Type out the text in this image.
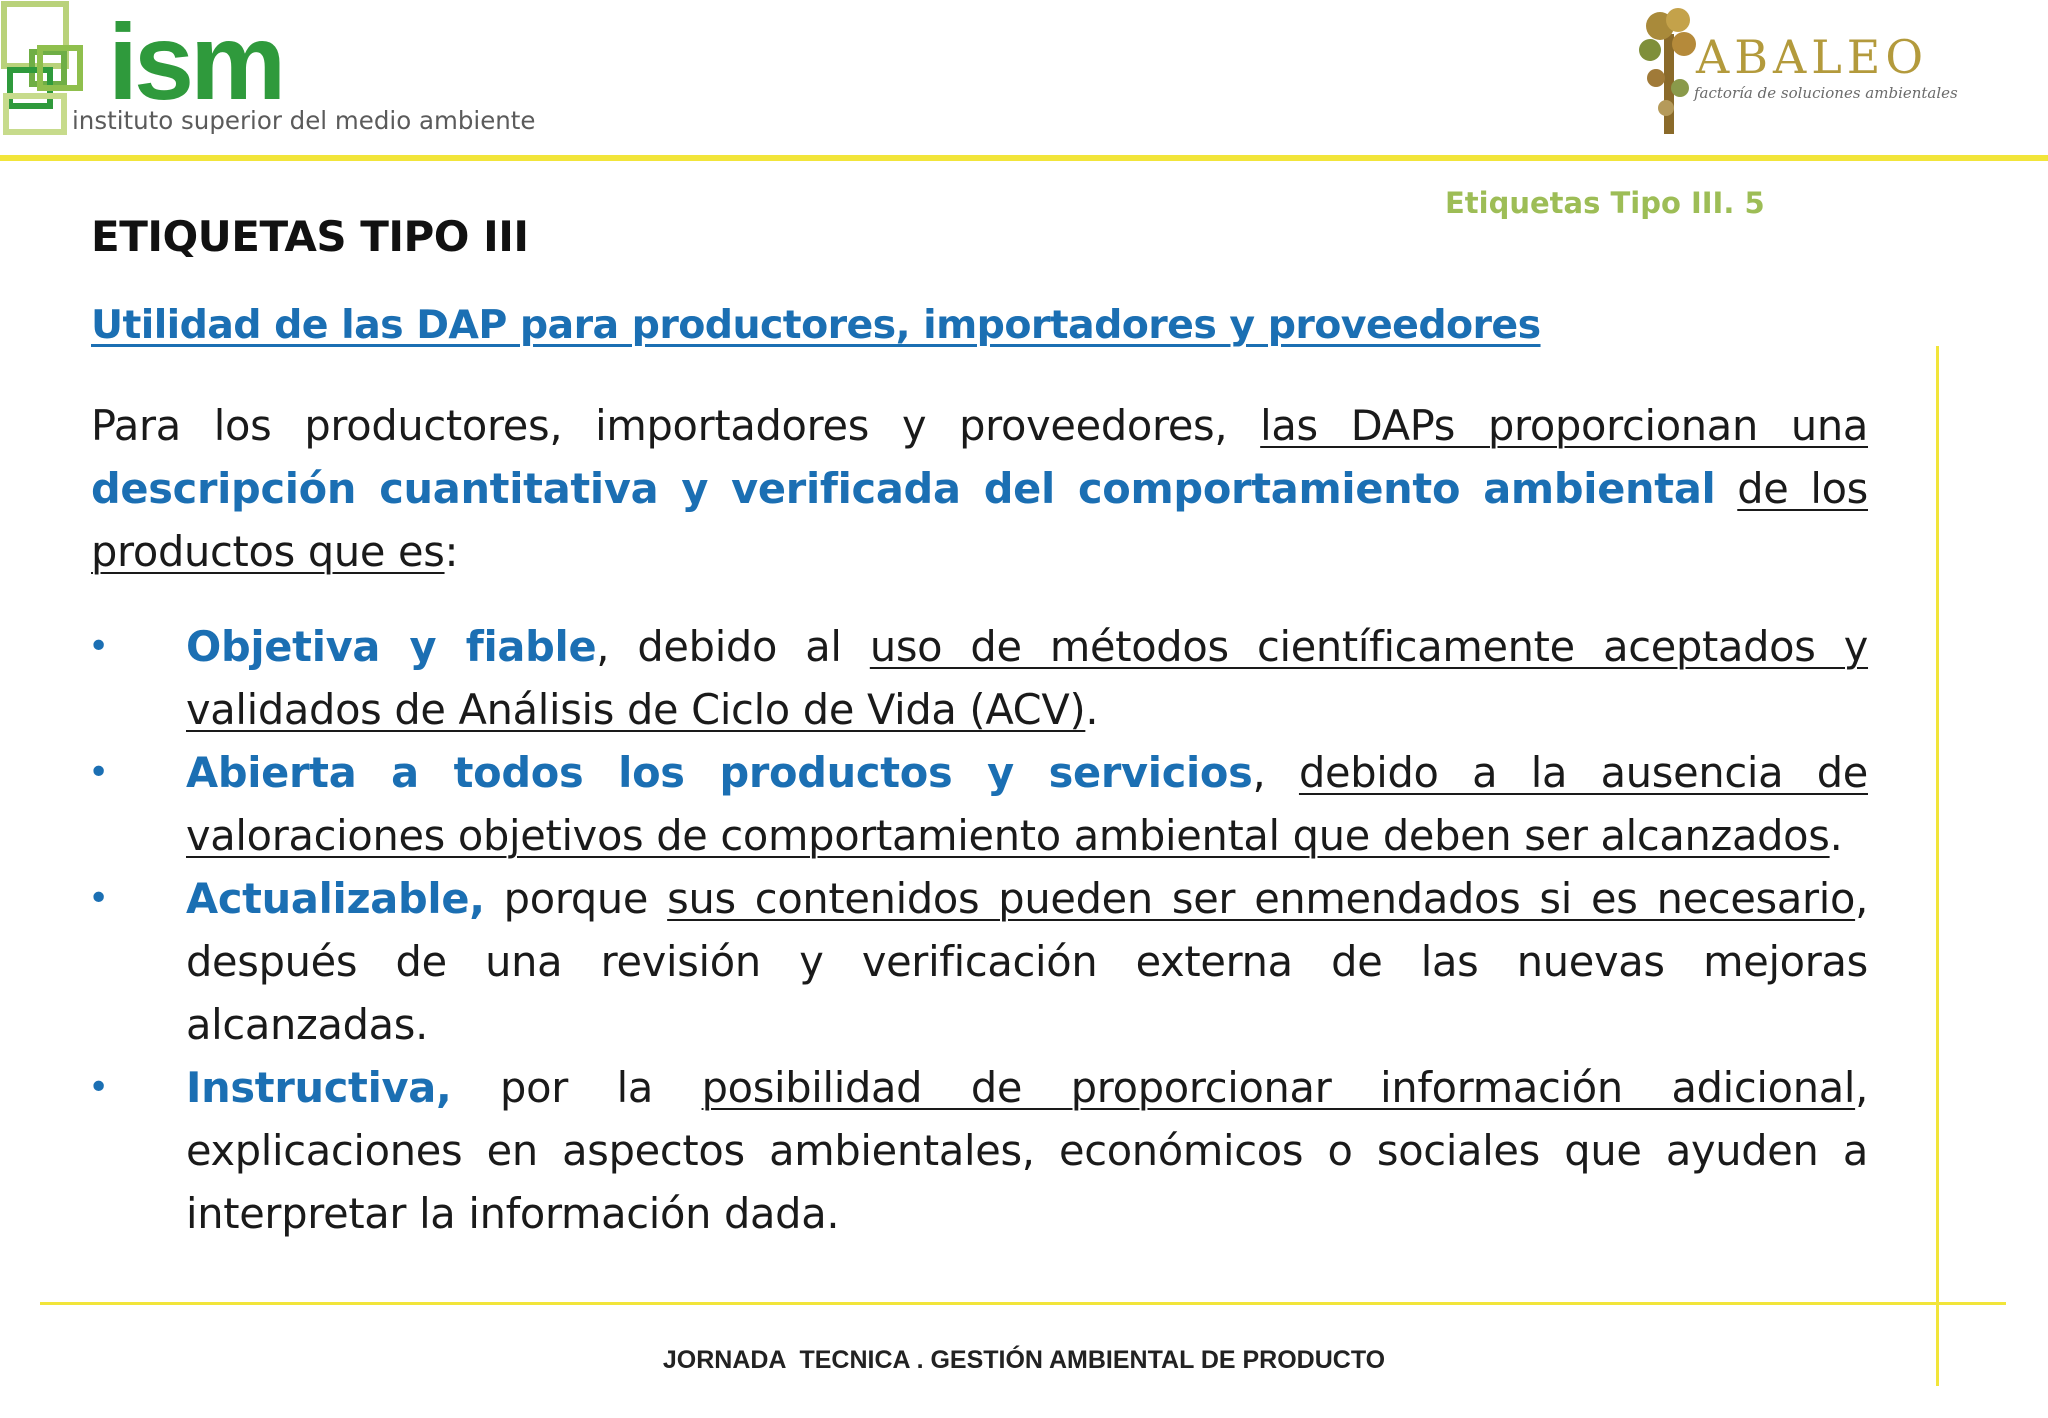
ism
instituto superior del medio ambiente
ABALEO
factoría de soluciones ambientales
Etiquetas Tipo III. 5
ETIQUETAS TIPO III
Utilidad de las DAP para productores, importadores y proveedores
Para los productores, importadores y proveedores, las DAPs proporcionan una descripción cuantitativa y verificada del comportamiento ambiental de los productos que es:
• Objetiva y fiable, debido al uso de métodos científicamente aceptados y validados de Análisis de Ciclo de Vida (ACV).
• Abierta a todos los productos y servicios, debido a la ausencia de valoraciones objetivos de comportamiento ambiental que deben ser alcanzados.
• Actualizable, porque sus contenidos pueden ser enmendados si es necesario, después de una revisión y verificación externa de las nuevas mejoras alcanzadas.
• Instructiva, por la posibilidad de proporcionar información adicional, explicaciones en aspectos ambientales, económicos o sociales que ayuden a interpretar la información dada.
JORNADA  TECNICA . GESTIÓN AMBIENTAL DE PRODUCTO
